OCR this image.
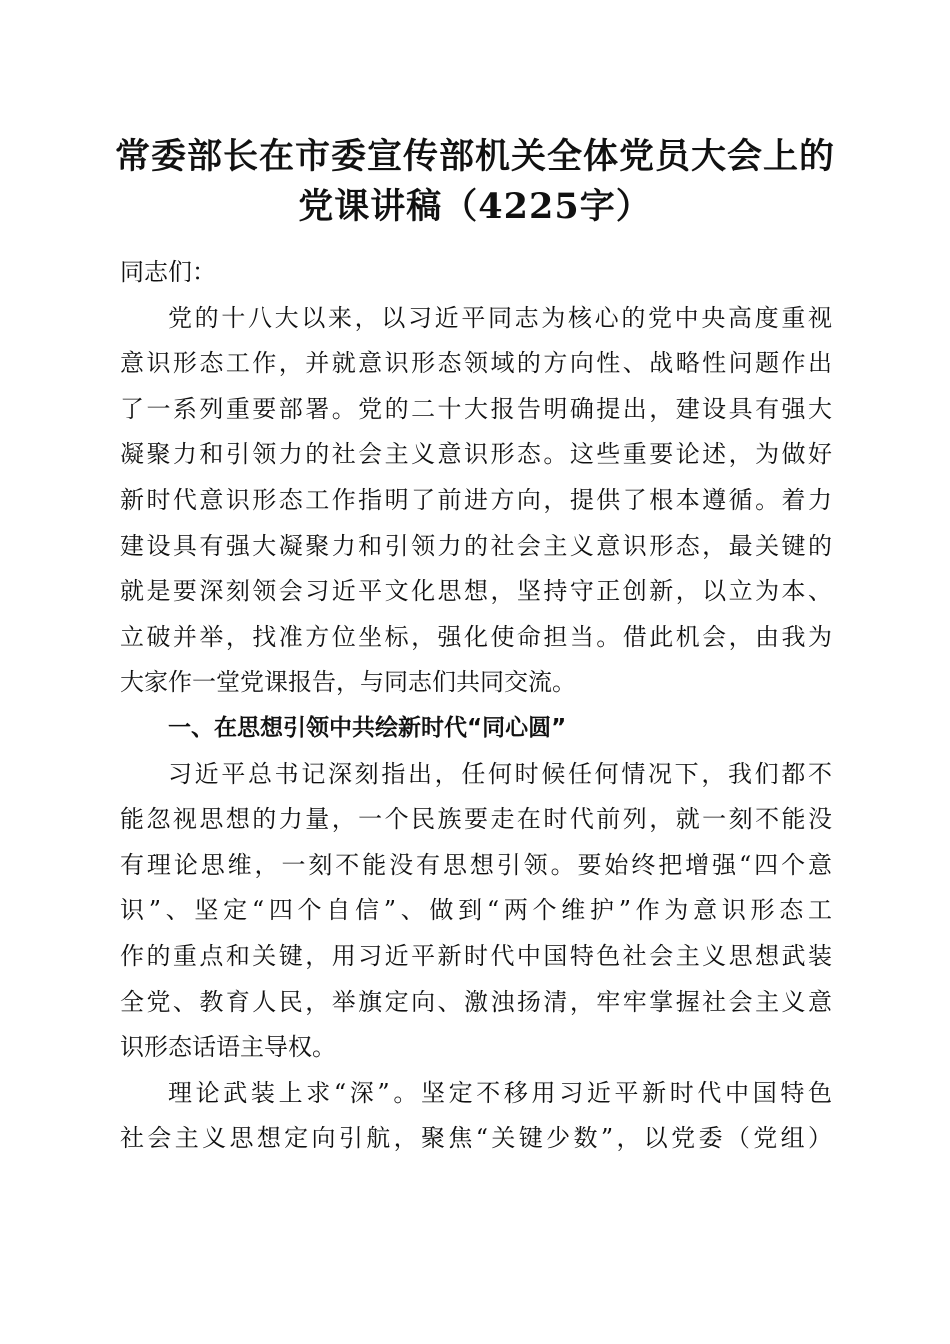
常委部长在市委宣传部机关全体党员大会上的
党课讲稿（4225字）

同志们：

党的十八大以来，以习近平同志为核心的党中央高度重视

意识形态工作，并就意识形态领域的方向性、战略性问题作出

了一系列重要部署。党的二十大报告明确提出，建设具有强大

凝聚力和引领力的社会主义意识形态。这些重要论述，为做好

新时代意识形态工作指明了前进方向，提供了根本遵循。着力

建设具有强大凝聚力和引领力的社会主义意识形态，最关键的

就是要深刻领会习近平文化思想，坚持守正创新，以立为本、

立破并举，找准方位坐标，强化使命担当。借此机会，由我为

大家作一堂党课报告，与同志们共同交流。

一、在思想引领中共绘新时代“同心圆”

习近平总书记深刻指出，任何时候任何情况下，我们都不

能忽视思想的力量，一个民族要走在时代前列，就一刻不能没

有理论思维，一刻不能没有思想引领。要始终把增强“四个意

识”、坚定“四个自信”、做到“两个维护”作为意识形态工

作的重点和关键，用习近平新时代中国特色社会主义思想武装

全党、教育人民，举旗定向、激浊扬清，牢牢掌握社会主义意

识形态话语主导权。

理论武装上求“深”。坚定不移用习近平新时代中国特色

社会主义思想定向引航，聚焦“关键少数”，以党委（党组）
